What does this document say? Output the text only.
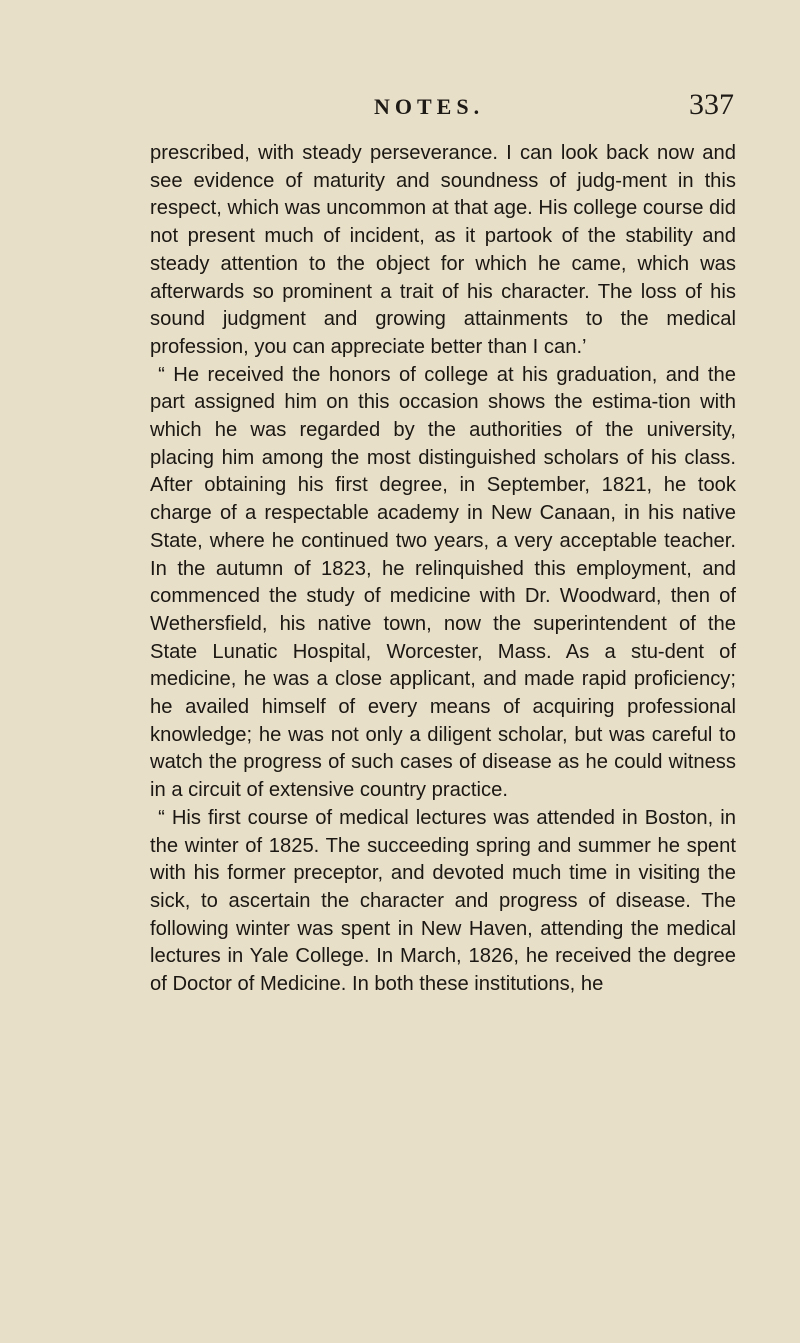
NOTES.	337

prescribed, with steady perseverance. I can look back now and see evidence of maturity and soundness of judg-ment in this respect, which was uncommon at that age. His college course did not present much of incident, as it partook of the stability and steady attention to the object for which he came, which was afterwards so prominent a trait of his character. The loss of his sound judgment and growing attainments to the medical profession, you can appreciate better than I can.’

“ He received the honors of college at his graduation, and the part assigned him on this occasion shows the estima-tion with which he was regarded by the authorities of the university, placing him among the most distinguished scholars of his class. After obtaining his first degree, in September, 1821, he took charge of a respectable academy in New Canaan, in his native State, where he continued two years, a very acceptable teacher. In the autumn of 1823, he relinquished this employment, and commenced the study of medicine with Dr. Woodward, then of Wethersfield, his native town, now the superintendent of the State Lunatic Hospital, Worcester, Mass. As a stu-dent of medicine, he was a close applicant, and made rapid proficiency; he availed himself of every means of acquiring professional knowledge; he was not only a diligent scholar, but was careful to watch the progress of such cases of disease as he could witness in a circuit of extensive country practice.

“ His first course of medical lectures was attended in Boston, in the winter of 1825. The succeeding spring and summer he spent with his former preceptor, and devoted much time in visiting the sick, to ascertain the character and progress of disease. The following winter was spent in New Haven, attending the medical lectures in Yale College. In March, 1826, he received the degree of Doctor of Medicine. In both these institutions, he
